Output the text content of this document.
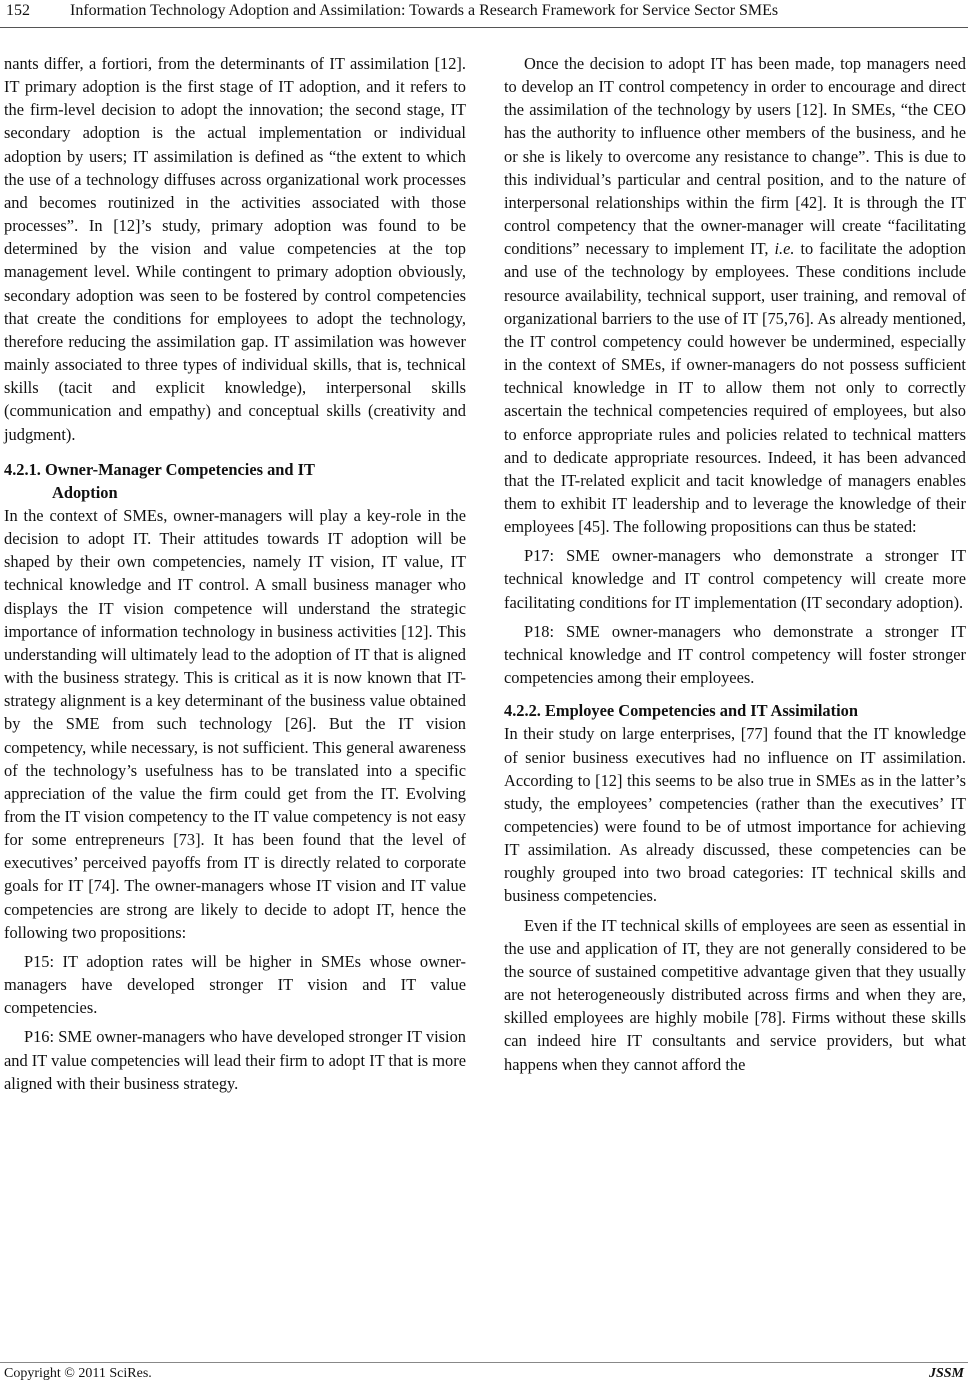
152	Information Technology Adoption and Assimilation: Towards a Research Framework for Service Sector SMEs

nants differ, a fortiori, from the determinants of IT assimilation [12]. IT primary adoption is the first stage of IT adoption, and it refers to the firm-level decision to adopt the innovation; the second stage, IT secondary adoption is the actual implementation or individual adoption by users; IT assimilation is defined as “the extent to which the use of a technology diffuses across organizational work processes and becomes routinized in the activities associated with those processes”. In [12]’s study, primary adoption was found to be determined by the vision and value competencies at the top management level. While contingent to primary adoption obviously, secondary adoption was seen to be fostered by control competencies that create the conditions for employees to adopt the technology, therefore reducing the assimilation gap. IT assimilation was however mainly associated to three types of individual skills, that is, technical skills (tacit and explicit knowledge), interpersonal skills (communication and empathy) and conceptual skills (creativity and judgment).

4.2.1. Owner-Manager Competencies and IT
Adoption

In the context of SMEs, owner-managers will play a key-role in the decision to adopt IT. Their attitudes towards IT adoption will be shaped by their own competencies, namely IT vision, IT value, IT technical knowledge and IT control. A small business manager who displays the IT vision competence will understand the strategic importance of information technology in business activities [12]. This understanding will ultimately lead to the adoption of IT that is aligned with the business strategy. This is critical as it is now known that IT-strategy alignment is a key determinant of the business value obtained by the SME from such technology [26]. But the IT vision competency, while necessary, is not sufficient. This general awareness of the technology’s usefulness has to be translated into a specific appreciation of the value the firm could get from the IT. Evolving from the IT vision competency to the IT value competency is not easy for some entrepreneurs [73]. It has been found that the level of executives’ perceived payoffs from IT is directly related to corporate goals for IT [74]. The owner-managers whose IT vision and IT value competencies are strong are likely to decide to adopt IT, hence the following two propositions:

P15: IT adoption rates will be higher in SMEs whose owner-managers have developed stronger IT vision and IT value competencies.

P16: SME owner-managers who have developed stronger IT vision and IT value competencies will lead their firm to adopt IT that is more aligned with their business strategy.

Once the decision to adopt IT has been made, top managers need to develop an IT control competency in order to encourage and direct the assimilation of the technology by users [12]. In SMEs, “the CEO has the authority to influence other members of the business, and he or she is likely to overcome any resistance to change”. This is due to this individual’s particular and central position, and to the nature of interpersonal relationships within the firm [42]. It is through the IT control competency that the owner-manager will create “facilitating conditions” necessary to implement IT, i.e. to facilitate the adoption and use of the technology by employees. These conditions include resource availability, technical support, user training, and removal of organizational barriers to the use of IT [75,76]. As already mentioned, the IT control competency could however be undermined, especially in the context of SMEs, if owner-managers do not possess sufficient technical knowledge in IT to allow them not only to correctly ascertain the technical competencies required of employees, but also to enforce appropriate rules and policies related to technical matters and to dedicate appropriate resources. Indeed, it has been advanced that the IT-related explicit and tacit knowledge of managers enables them to exhibit IT leadership and to leverage the knowledge of their employees [45]. The following propositions can thus be stated:

P17: SME owner-managers who demonstrate a stronger IT technical knowledge and IT control competency will create more facilitating conditions for IT implementation (IT secondary adoption).

P18: SME owner-managers who demonstrate a stronger IT technical knowledge and IT control competency will foster stronger competencies among their employees.

4.2.2. Employee Competencies and IT Assimilation

In their study on large enterprises, [77] found that the IT knowledge of senior business executives had no influence on IT assimilation. According to [12] this seems to be also true in SMEs as in the latter’s study, the employees’ competencies (rather than the executives’ IT competencies) were found to be of utmost importance for achieving IT assimilation. As already discussed, these competencies can be roughly grouped into two broad categories: IT technical skills and business competencies.

Even if the IT technical skills of employees are seen as essential in the use and application of IT, they are not generally considered to be the source of sustained competitive advantage given that they usually are not heterogeneously distributed across firms and when they are, skilled employees are highly mobile [78]. Firms without these skills can indeed hire IT consultants and service providers, but what happens when they cannot afford the

Copyright © 2011 SciRes.	JSSM
